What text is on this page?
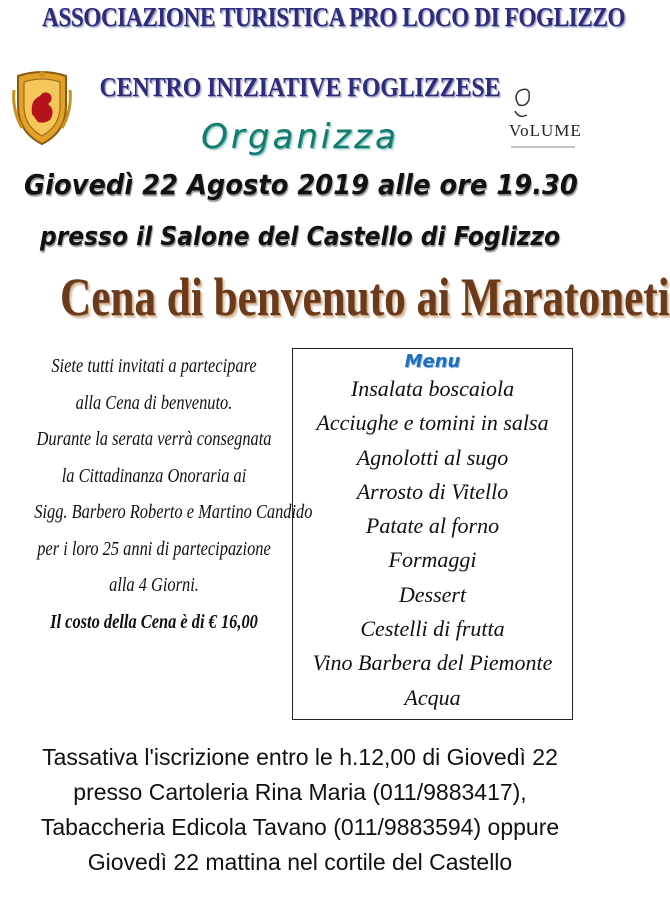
ASSOCIAZIONE TURISTICA PRO LOCO DI FOGLIZZO
CENTRO INIZIATIVE FOGLIZZESE
VoLUME
Organizza
Giovedì 22 Agosto 2019 alle ore 19.30
presso il Salone del Castello di Foglizzo
Cena di benvenuto ai Maratoneti
Siete tutti invitati a partecipare
alla Cena di benvenuto.
Durante la serata verrà consegnata
la Cittadinanza Onoraria ai
Sigg. Barbero Roberto e Martino Candido
per i loro 25 anni di partecipazione
alla 4 Giorni.
Il costo della Cena è di € 16,00
Menu
Insalata boscaiola
Acciughe e tomini in salsa
Agnolotti al sugo
Arrosto di Vitello
Patate al forno
Formaggi
Dessert
Cestelli di frutta
Vino Barbera del Piemonte
Acqua
Tassativa l'iscrizione entro le h.12,00 di Giovedì 22
presso Cartoleria Rina Maria (011/9883417),
Tabaccheria Edicola Tavano (011/9883594) oppure
Giovedì 22 mattina nel cortile del Castello
